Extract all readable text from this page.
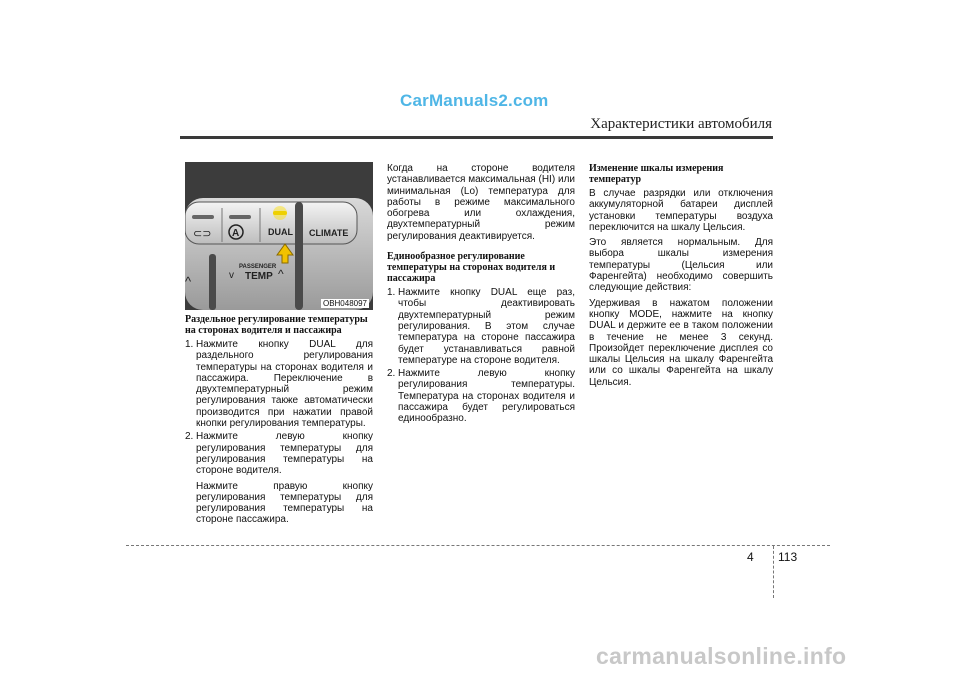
CarManuals2.com
Характеристики автомобиля
⊂⊃ A	DUAL CLIMATE
^
PASSENGER
v TEMP ^
OBH048097
Раздельное регулирование температуры на сторонах водителя и пассажира
1. Нажмите кнопку DUAL для раздельного регулирования температуры на сторонах водителя и пассажира. Переключение в двухтемпературный режим регулирования также автоматически производится при нажатии правой кнопки регулирования температуры.
2. Нажмите левую кнопку регулирования температуры для регулирования температуры на стороне водителя.
Нажмите правую кнопку регулирования температуры для регулирования температуры на стороне пассажира.

Когда на стороне водителя устанавливается максимальная (HI) или минимальная (Lo) температура для работы в режиме максимального обогрева или охлаждения, двухтемпературный режим регулирования деактивируется.

Единообразное регулирование температуры на сторонах водителя и пассажира
1. Нажмите кнопку DUAL еще раз, чтобы деактивировать двухтемпературный режим регулирования. В этом случае температура на стороне пассажира будет устанавливаться равной температуре на стороне водителя.
2. Нажмите левую кнопку регулирования температуры. Температура на сторонах водителя и пассажира будет регулироваться единообразно.
Изменение шкалы измерения температур

В случае разрядки или отключения аккумуляторной батареи дисплей установки температуры воздуха переключится на шкалу Цельсия.

Это является нормальным. Для выбора шкалы измерения температуры (Цельсия или Фаренгейта) необходимо совершить следующие действия:

Удерживая в нажатом положении кнопку MODE, нажмите на кнопку DUAL и держите ее в таком положении в течение не менее 3 секунд. Произойдет переключение дисплея со шкалы Цельсия на шкалу Фаренгейта или со шкалы Фаренгейта на шкалу Цельсия.

4 113
carmanualsonline.info
